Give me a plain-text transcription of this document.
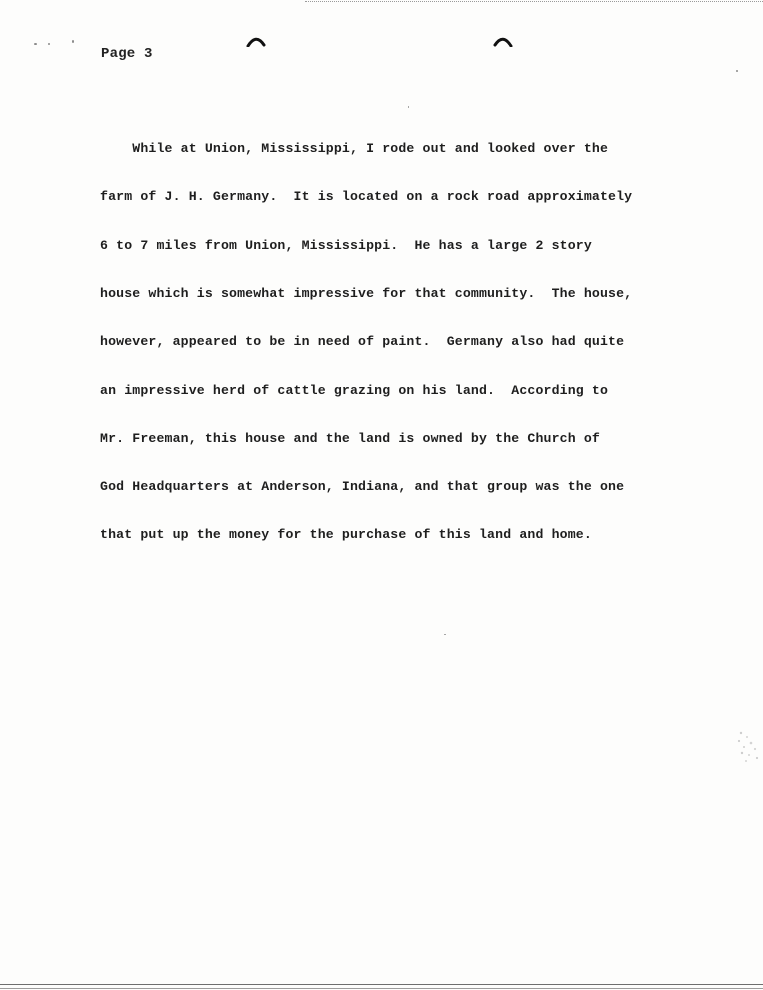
Page 3

While at Union, Mississippi, I rode out and looked over the

farm of J. H. Germany.  It is located on a rock road approximately

6 to 7 miles from Union, Mississippi.  He has a large 2 story

house which is somewhat impressive for that community.  The house,

however, appeared to be in need of paint.  Germany also had quite

an impressive herd of cattle grazing on his land.  According to

Mr. Freeman, this house and the land is owned by the Church of

God Headquarters at Anderson, Indiana, and that group was the one

that put up the money for the purchase of this land and home.
